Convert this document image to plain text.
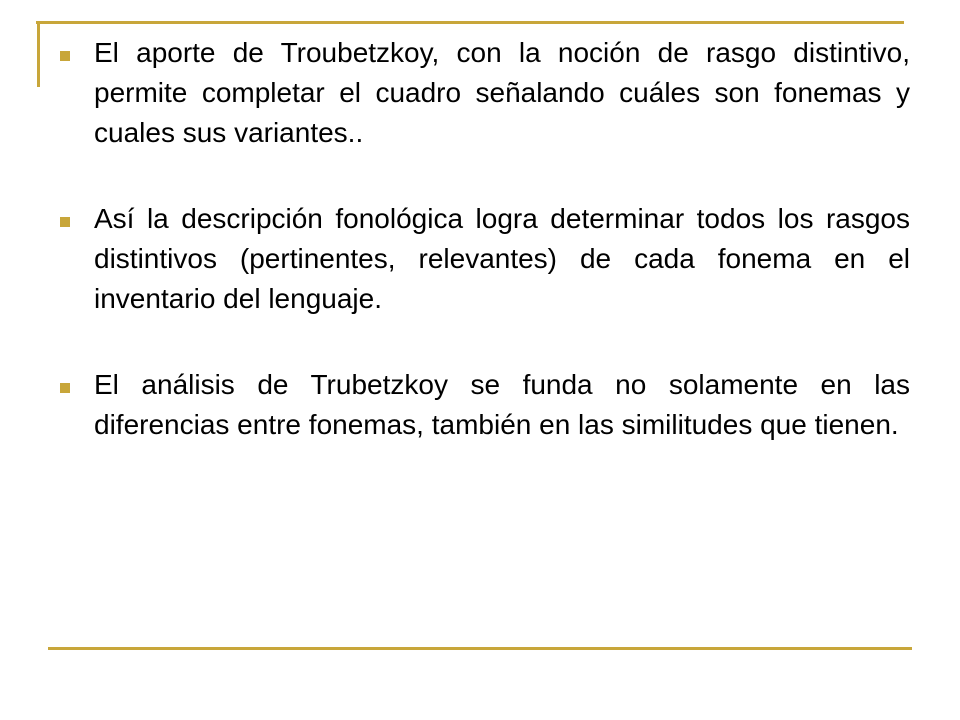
El aporte de Troubetzkoy, con la noción de rasgo distintivo, permite completar el cuadro señalando cuáles son fonemas y cuales sus variantes..
Así la descripción fonológica logra determinar todos los rasgos distintivos (pertinentes, relevantes) de cada fonema en el inventario del lenguaje.
El análisis de Trubetzkoy se funda no solamente en las diferencias entre fonemas, también en las similitudes que tienen.
